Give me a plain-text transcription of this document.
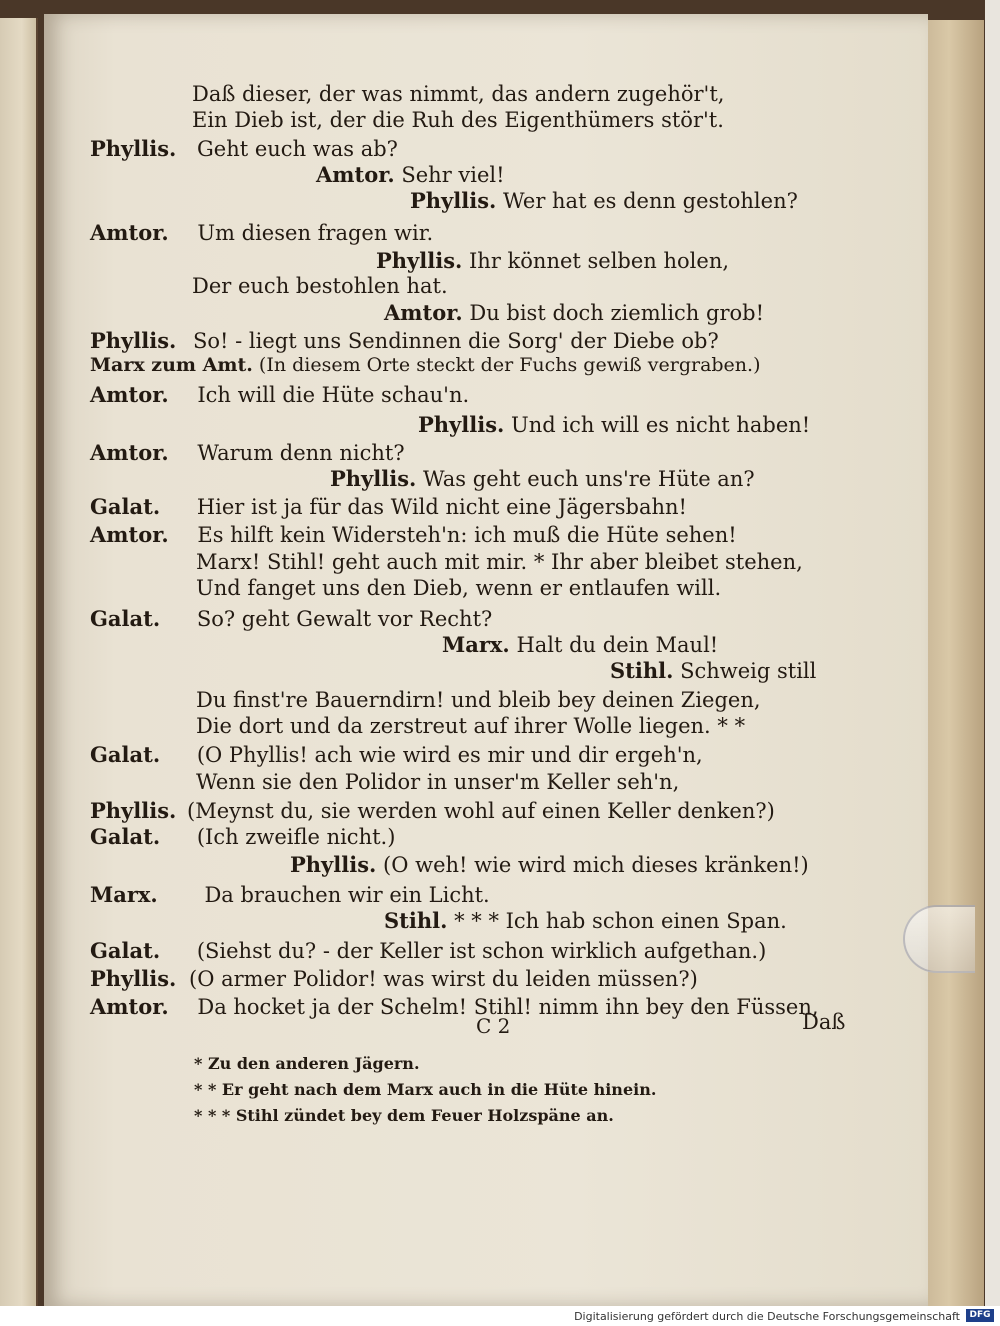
Daß dieser, der was nimmt, das andern zugehör't,
Ein Dieb ist, der die Ruh des Eigenthümers stör't.
Phyllis. Geht euch was ab?
Amtor. Sehr viel!
Phyllis. Wer hat es denn gestohlen?
Amtor. Um diesen fragen wir.
Phyllis. Ihr könnet selben holen,
Der euch bestohlen hat.
Amtor. Du bist doch ziemlich grob!
Phyllis. So! - liegt uns Sendinnen die Sorg' der Diebe ob?
Marx zum Amt. (In diesem Orte steckt der Fuchs gewiß vergraben.)
Amtor. Ich will die Hüte schau'n.
Phyllis. Und ich will es nicht haben!
Amtor. Warum denn nicht?
Phyllis. Was geht euch uns're Hüte an?
Galat. Hier ist ja für das Wild nicht eine Jägersbahn!
Amtor. Es hilft kein Widersteh'n: ich muß die Hüte sehen!
Marx! Stihl! geht auch mit mir. * Ihr aber bleibet stehen,
Und fanget uns den Dieb, wenn er entlaufen will.
Galat. So? geht Gewalt vor Recht?
Marx. Halt du dein Maul!
Stihl. Schweig still
Du finst're Bauerndirn! und bleib bey deinen Ziegen,
Die dort und da zerstreut auf ihrer Wolle liegen. * *
Galat. (O Phyllis! ach wie wird es mir und dir ergeh'n,
Wenn sie den Polidor in unser'm Keller seh'n,
Phyllis. (Meynst du, sie werden wohl auf einen Keller denken?)
Galat. (Ich zweifle nicht.)
Phyllis. (O weh! wie wird mich dieses kränken!)
Marx. Da brauchen wir ein Licht.
Stihl. * * * Ich hab schon einen Span.
Galat. (Siehst du? - der Keller ist schon wirklich aufgethan.)
Phyllis. (O armer Polidor! was wirst du leiden müssen?)
Amtor. Da hocket ja der Schelm! Stihl! nimm ihn bey den Füssen,
C 2	Daß
* Zu den anderen Jägern.
* * Er geht nach dem Marx auch in die Hüte hinein.
* * * Stihl zündet bey dem Feuer Holzspäne an.
Digitalisierung gefördert durch die Deutsche Forschungsgemeinschaft	DFG
